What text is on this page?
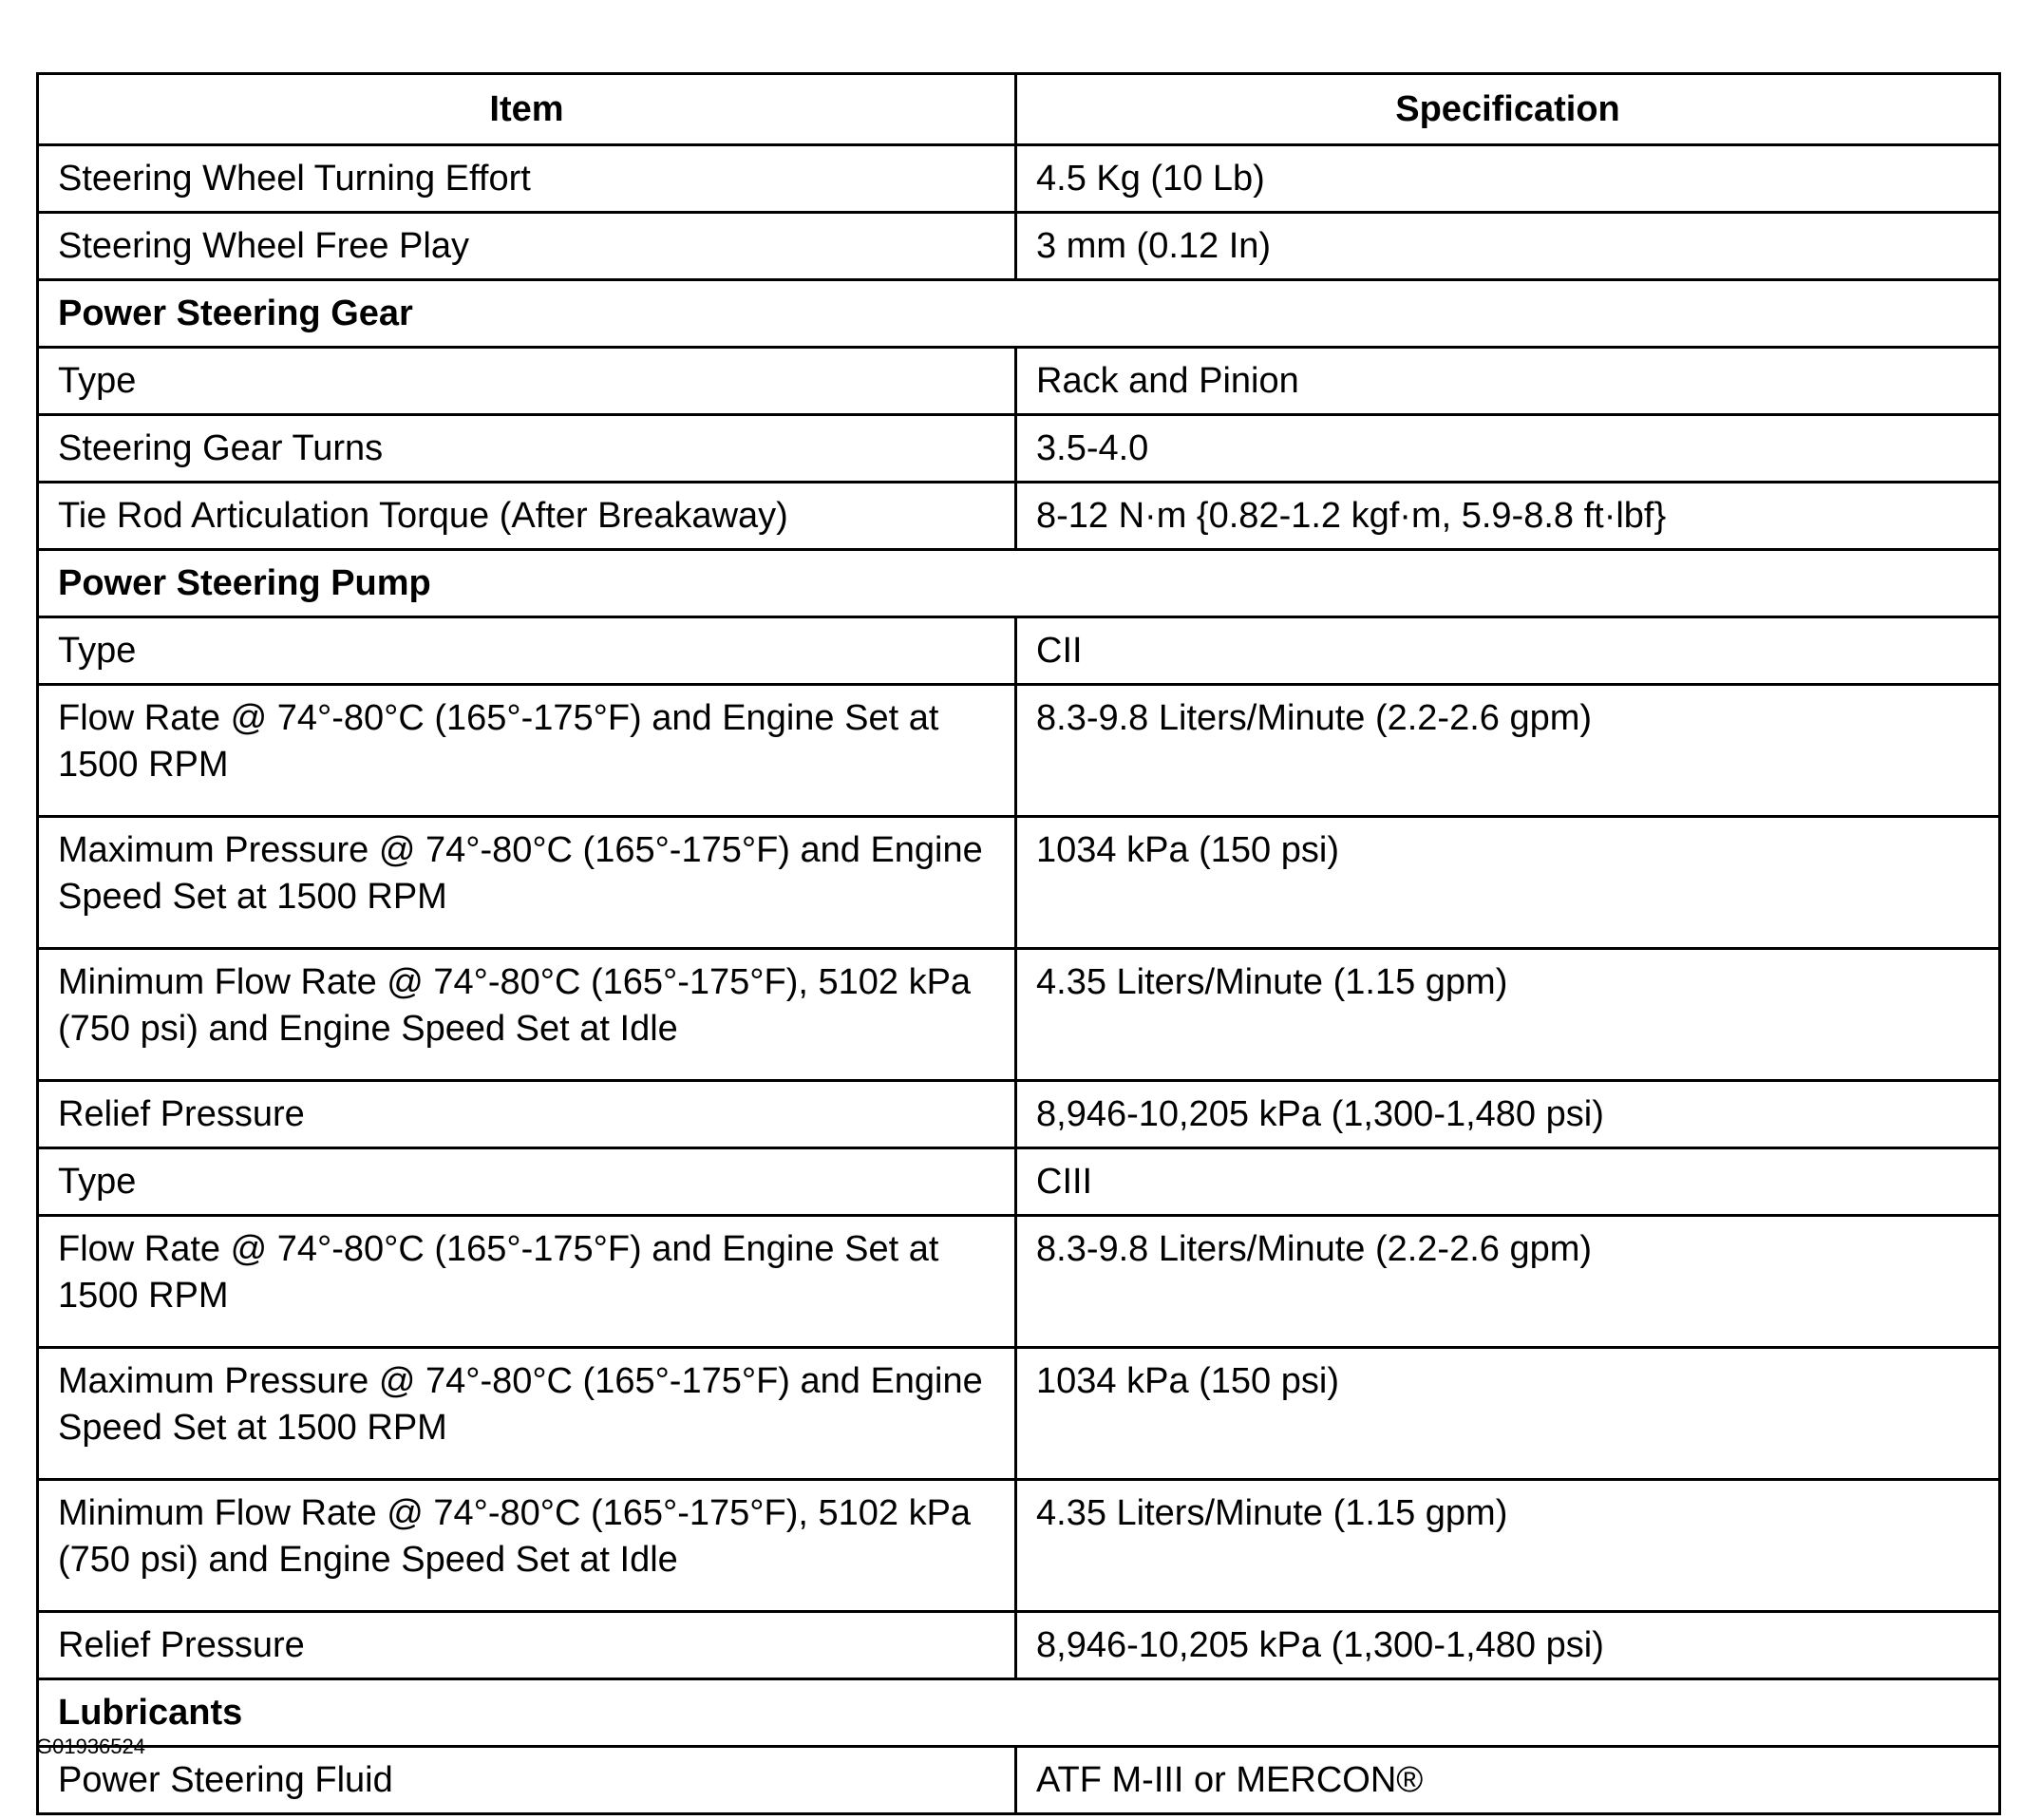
Item	Specification
Steering Wheel Turning Effort	4.5 Kg (10 Lb)
Steering Wheel Free Play	3 mm (0.12 In)
Power Steering Gear	
Type	Rack and Pinion
Steering Gear Turns	3.5-4.0
Tie Rod Articulation Torque (After Breakaway)	8-12 N·m {0.82-1.2 kgf·m, 5.9-8.8 ft·lbf}
Power Steering Pump	
Type	CII
Flow Rate @ 74°-80°C (165°-175°F) and Engine Set at 1500 RPM	8.3-9.8 Liters/Minute (2.2-2.6 gpm)
Maximum Pressure @ 74°-80°C (165°-175°F) and Engine Speed Set at 1500 RPM	1034 kPa (150 psi)
Minimum Flow Rate @ 74°-80°C (165°-175°F), 5102 kPa (750 psi) and Engine Speed Set at Idle	4.35 Liters/Minute (1.15 gpm)
Relief Pressure	8,946-10,205 kPa (1,300-1,480 psi)
Type	CIII
Flow Rate @ 74°-80°C (165°-175°F) and Engine Set at 1500 RPM	8.3-9.8 Liters/Minute (2.2-2.6 gpm)
Maximum Pressure @ 74°-80°C (165°-175°F) and Engine Speed Set at 1500 RPM	1034 kPa (150 psi)
Minimum Flow Rate @ 74°-80°C (165°-175°F), 5102 kPa (750 psi) and Engine Speed Set at Idle	4.35 Liters/Minute (1.15 gpm)
Relief Pressure	8,946-10,205 kPa (1,300-1,480 psi)
Lubricants	
Power Steering Fluid	ATF M-III or MERCON®
G01936524
